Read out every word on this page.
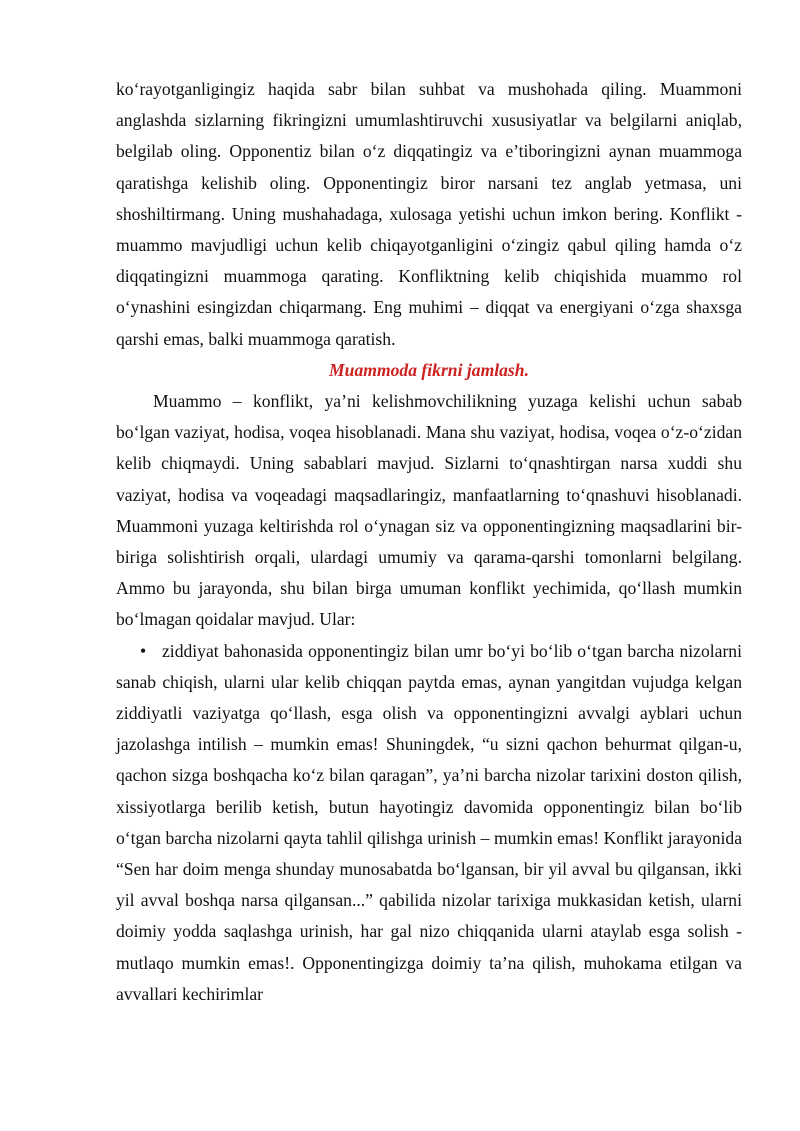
ko‘rayotganligingiz haqida sabr bilan suhbat va mushohada qiling. Muammoni anglashda sizlarning fikringizni umumlashtiruvchi xususiyatlar va belgilarni aniqlab, belgilab oling. Opponentiz bilan o‘z diqqatingiz va e’tiboringizni aynan muammoga qaratishga kelishib oling. Opponentingiz biror narsani tez anglab yetmasa, uni shoshiltirmang. Uning mushahadaga, xulosaga yetishi uchun imkon bering. Konflikt - muammo mavjudligi uchun kelib chiqayotganligini o‘zingiz qabul qiling hamda o‘z diqqatingizni muammoga qarating. Konfliktning kelib chiqishida muammo rol o‘ynashini esingizdan chiqarmang. Eng muhimi – diqqat va energiyani o‘zga shaxsga qarshi emas, balki muammoga qaratish.

Muammoda fikrni jamlash.

Muammo – konflikt, ya’ni kelishmovchilikning yuzaga kelishi uchun sabab bo‘lgan vaziyat, hodisa, voqea hisoblanadi. Mana shu vaziyat, hodisa, voqea o‘z-o‘zidan kelib chiqmaydi. Uning sabablari mavjud. Sizlarni to‘qnashtirgan narsa xuddi shu vaziyat, hodisa va voqeadagi maqsadlaringiz, manfaatlarning to‘qnashuvi hisoblanadi. Muammoni yuzaga keltirishda rol o‘ynagan siz va opponentingizning maqsadlarini bir-biriga solishtirish orqali, ulardagi umumiy va qarama-qarshi tomonlarni belgilang. Ammo bu jarayonda, shu bilan birga umuman konflikt yechimida, qo‘llash mumkin bo‘lmagan qoidalar mavjud. Ular:

• ziddiyat bahonasida opponentingiz bilan umr bo‘yi bo‘lib o‘tgan barcha nizolarni sanab chiqish, ularni ular kelib chiqqan paytda emas, aynan yangitdan vujudga kelgan ziddiyatli vaziyatga qo‘llash, esga olish va opponentingizni avvalgi ayblari uchun jazolashga intilish – mumkin emas! Shuningdek, “u sizni qachon behurmat qilgan-u, qachon sizga boshqacha ko‘z bilan qaragan”, ya’ni barcha nizolar tarixini doston qilish, xissiyotlarga berilib ketish, butun hayotingiz davomida opponentingiz bilan bo‘lib o‘tgan barcha nizolarni qayta tahlil qilishga urinish – mumkin emas! Konflikt jarayonida “Sen har doim menga shunday munosabatda bo‘lgansan, bir yil avval bu qilgansan, ikki yil avval boshqa narsa qilgansan...” qabilida nizolar tarixiga mukkasidan ketish, ularni doimiy yodda saqlashga urinish, har gal nizo chiqqanida ularni ataylab esga solish - mutlaqo mumkin emas!. Opponentingizga doimiy ta’na qilish, muhokama etilgan va avvallari kechirimlar
